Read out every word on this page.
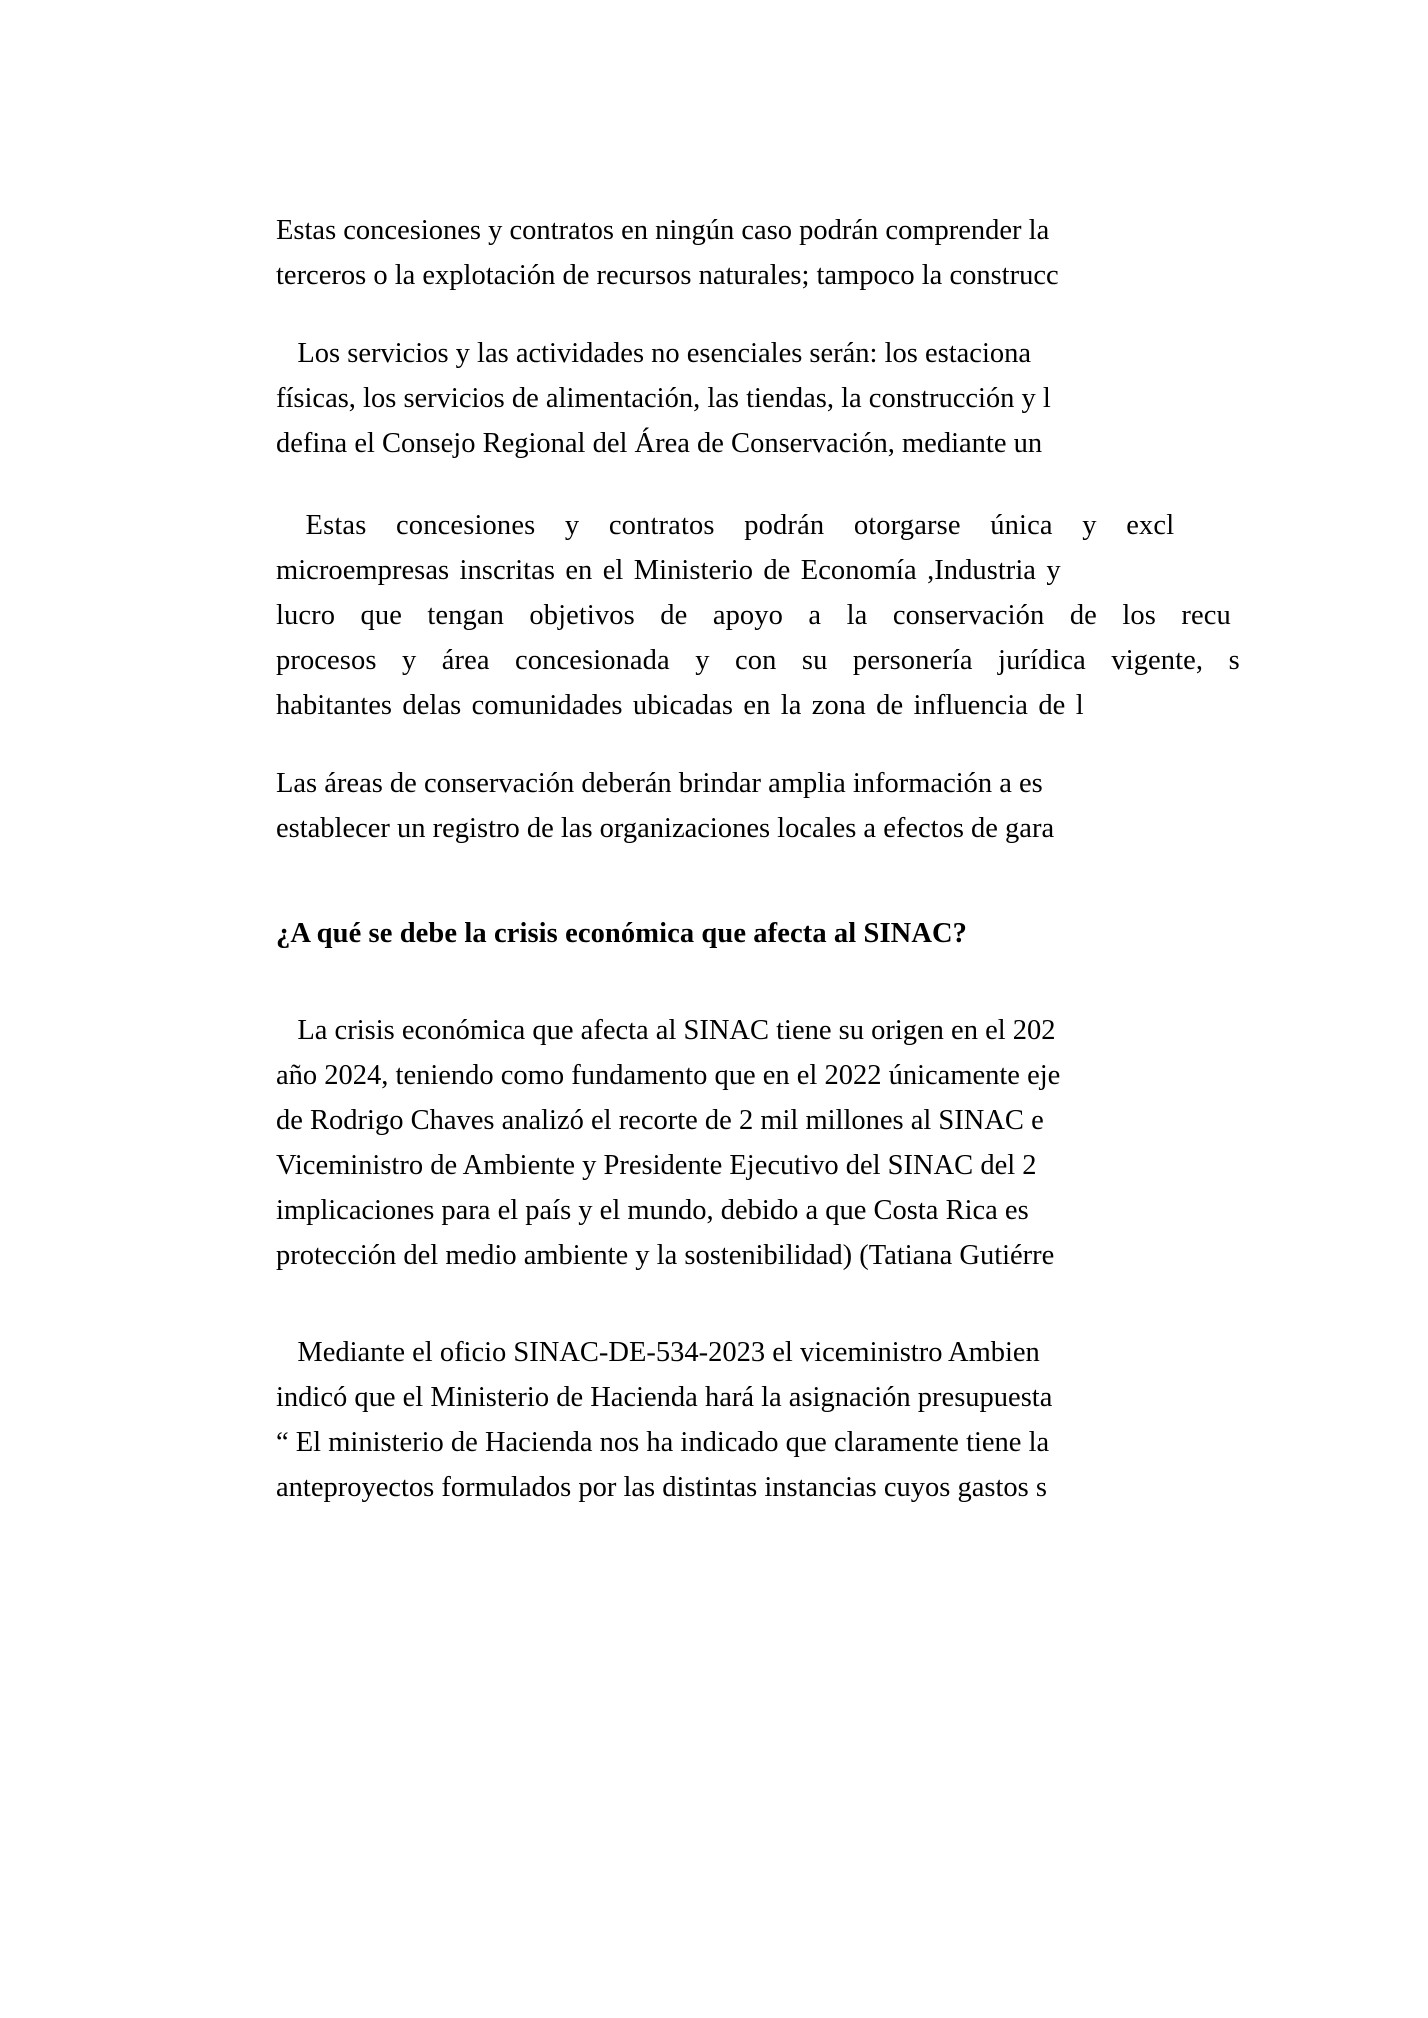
Estas concesiones y contratos en ningún caso podrán comprender la
terceros o la explotación de recursos naturales; tampoco la construcc
Los servicios y las actividades no esenciales serán: los estaciona
físicas, los servicios de alimentación, las tiendas, la construcción y l
defina el Consejo Regional del Área de Conservación, mediante un
Estas  concesiones  y  contratos  podrán  otorgarse  única  y  excl
microempresas inscritas en el Ministerio de Economía ,Industria y
lucro  que  tengan  objetivos  de  apoyo  a  la  conservación  de  los  recu
procesos  y  área  concesionada  y  con  su  personería  jurídica  vigente,  s
habitantes delas comunidades ubicadas en la zona de influencia de l
Las áreas de conservación deberán brindar amplia información a es
establecer un registro de las organizaciones locales a efectos de gara
¿A qué se debe la crisis económica que afecta al SINAC?
La crisis económica que afecta al SINAC tiene su origen en el 202
año 2024, teniendo como fundamento que en el 2022 únicamente eje
de Rodrigo Chaves analizó el recorte de 2 mil millones al SINAC e
Viceministro de Ambiente y Presidente Ejecutivo del SINAC del 2
implicaciones para el país y el mundo, debido a que Costa Rica es
protección del medio ambiente y la sostenibilidad) (Tatiana Gutiérre
Mediante el oficio SINAC-DE-534-2023 el viceministro Ambien
indicó que el Ministerio de Hacienda hará la asignación presupuesta
“ El ministerio de Hacienda nos ha indicado que claramente tiene la
anteproyectos formulados por las distintas instancias cuyos gastos s
